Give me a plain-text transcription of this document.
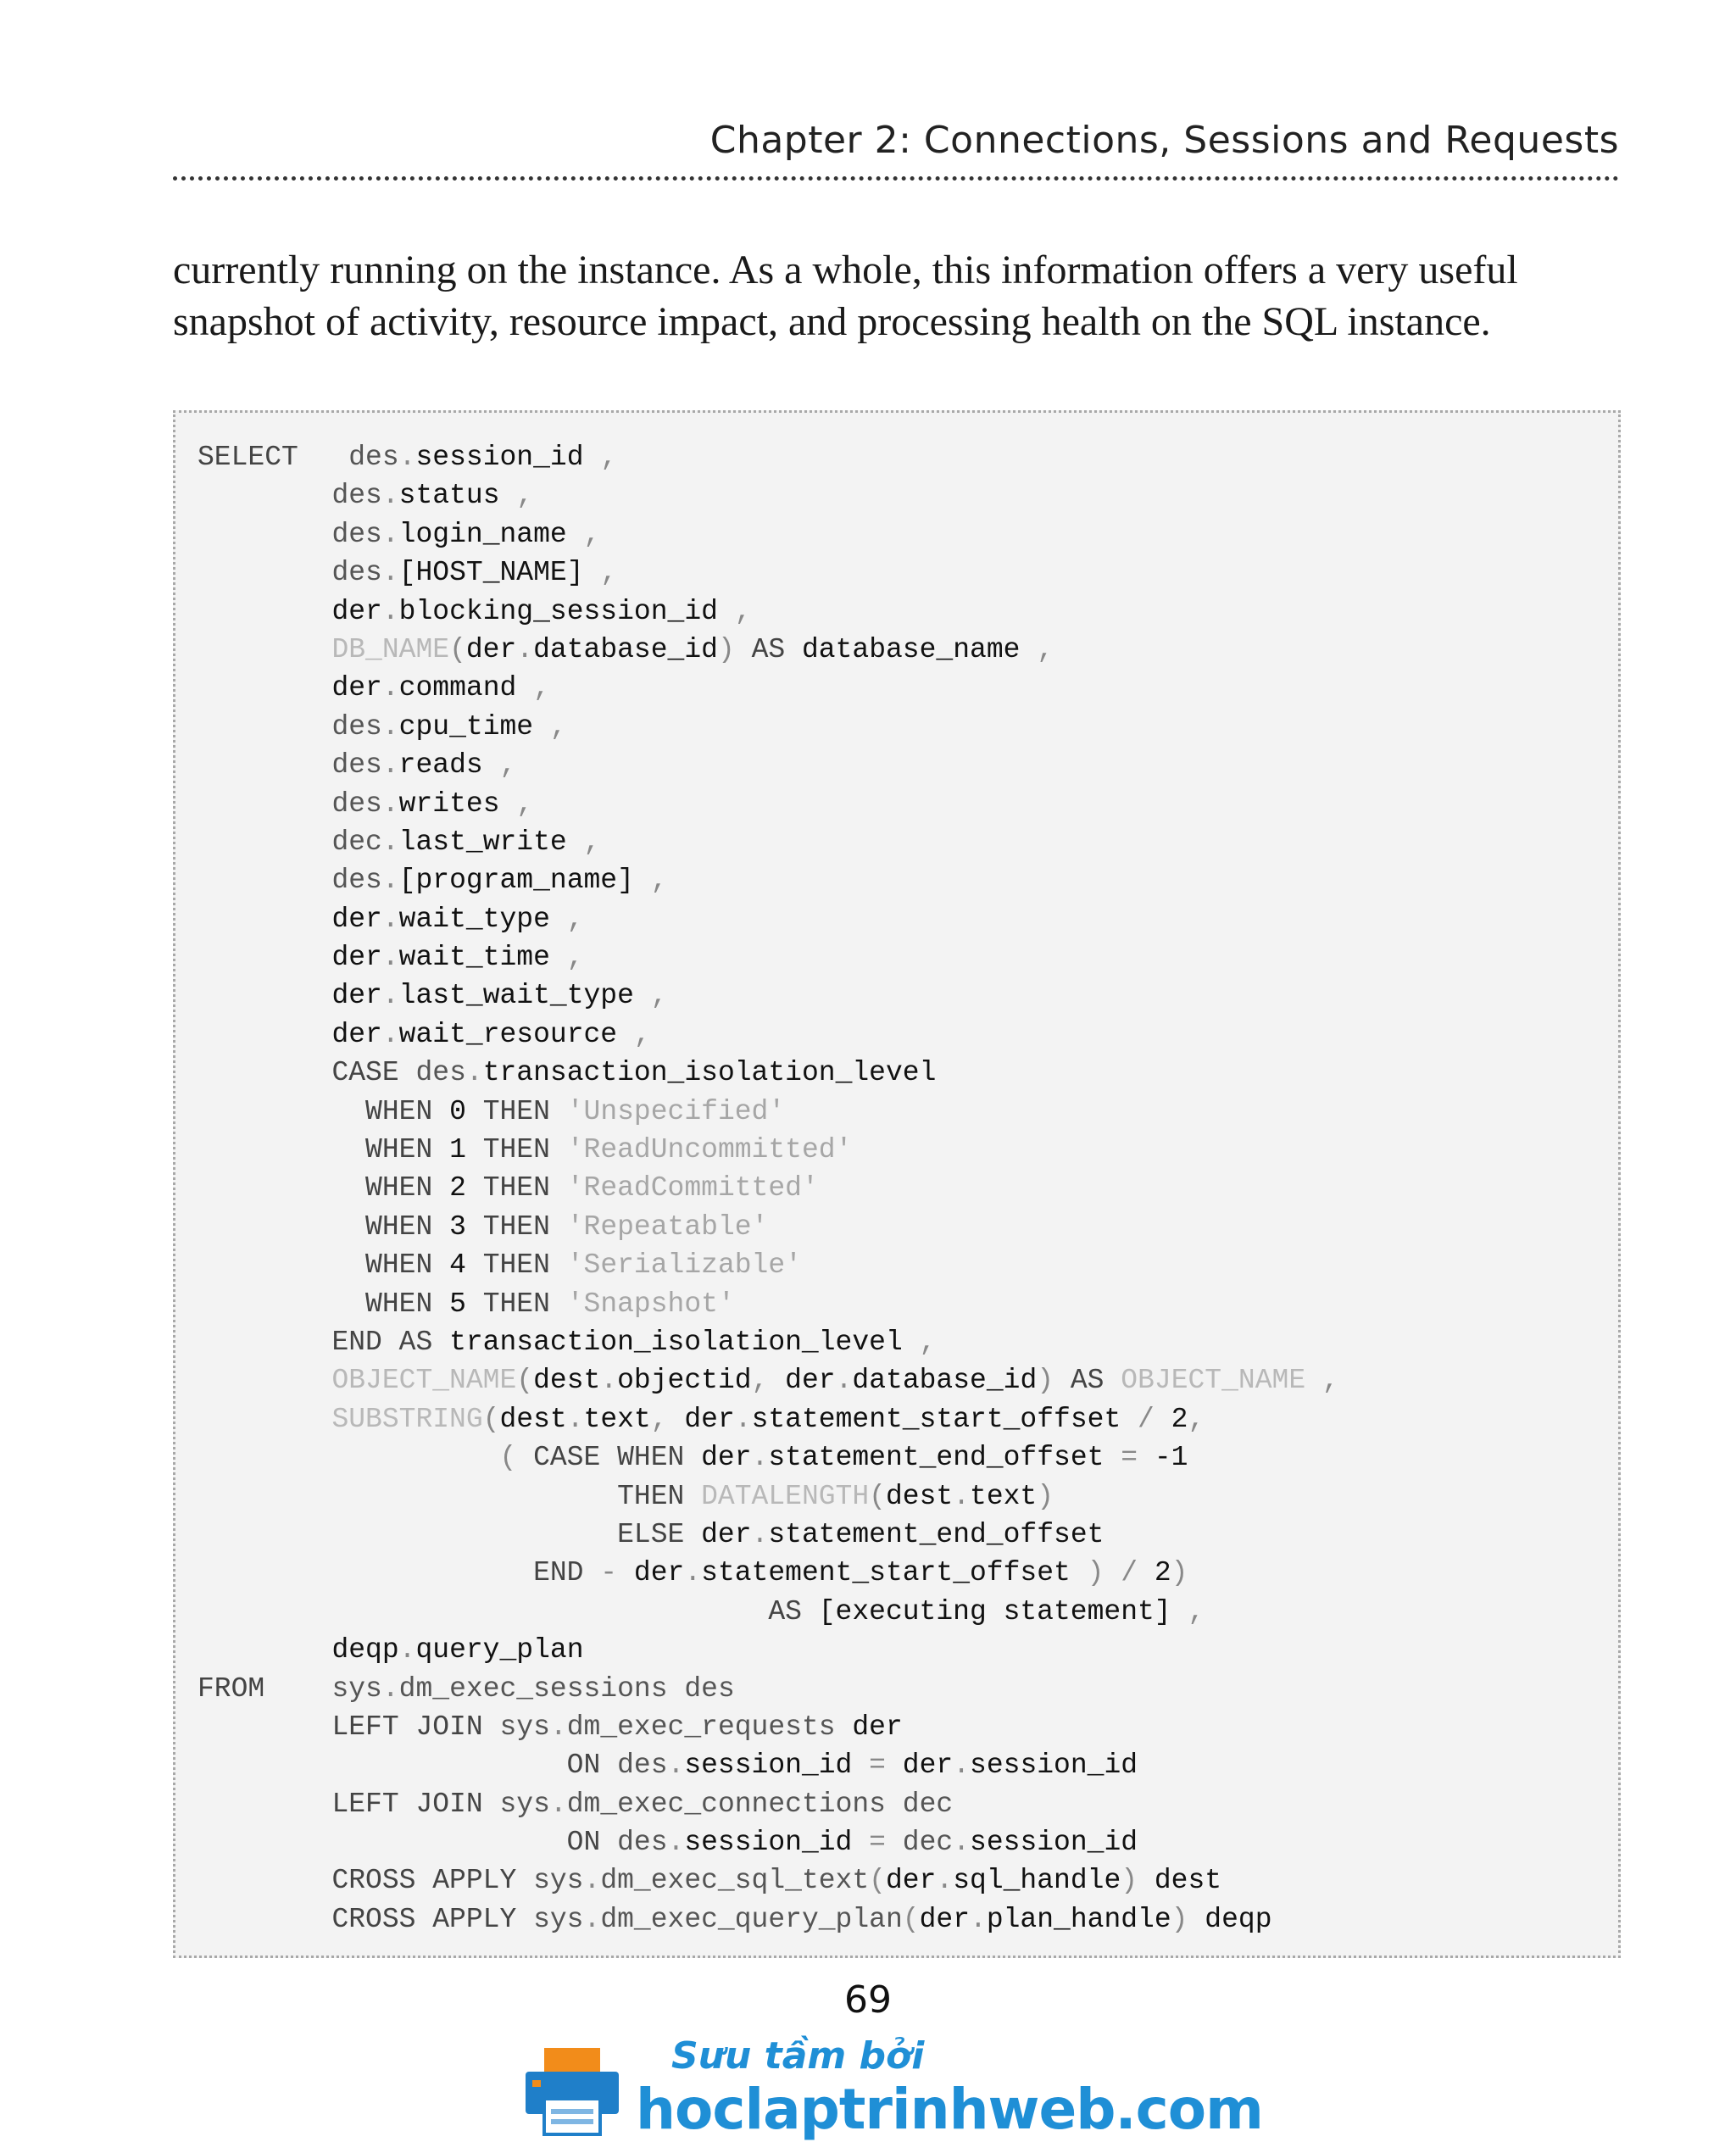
Chapter 2: Connections, Sessions and Requests
currently running on the instance. As a whole, this information offers a very useful
snapshot of activity, resource impact, and processing health on the SQL instance.
SELECT   des.session_id ,
des.status ,
des.login_name ,
des.[HOST_NAME] ,
der.blocking_session_id ,
DB_NAME(der.database_id) AS database_name ,
der.command ,
des.cpu_time ,
des.reads ,
des.writes ,
dec.last_write ,
des.[program_name] ,
der.wait_type ,
der.wait_time ,
der.last_wait_type ,
der.wait_resource ,
CASE des.transaction_isolation_level
WHEN 0 THEN 'Unspecified'
WHEN 1 THEN 'ReadUncommitted'
WHEN 2 THEN 'ReadCommitted'
WHEN 3 THEN 'Repeatable'
WHEN 4 THEN 'Serializable'
WHEN 5 THEN 'Snapshot'
END AS transaction_isolation_level ,
OBJECT_NAME(dest.objectid, der.database_id) AS OBJECT_NAME ,
SUBSTRING(dest.text, der.statement_start_offset / 2,
( CASE WHEN der.statement_end_offset = -1
THEN DATALENGTH(dest.text)
ELSE der.statement_end_offset
END - der.statement_start_offset ) / 2)
AS [executing statement] ,
deqp.query_plan
FROM    sys.dm_exec_sessions des
LEFT JOIN sys.dm_exec_requests der
ON des.session_id = der.session_id
LEFT JOIN sys.dm_exec_connections dec
ON des.session_id = dec.session_id
CROSS APPLY sys.dm_exec_sql_text(der.sql_handle) dest
CROSS APPLY sys.dm_exec_query_plan(der.plan_handle) deqp
69
Sưu tầm bởi
hoclaptrinhweb.com
